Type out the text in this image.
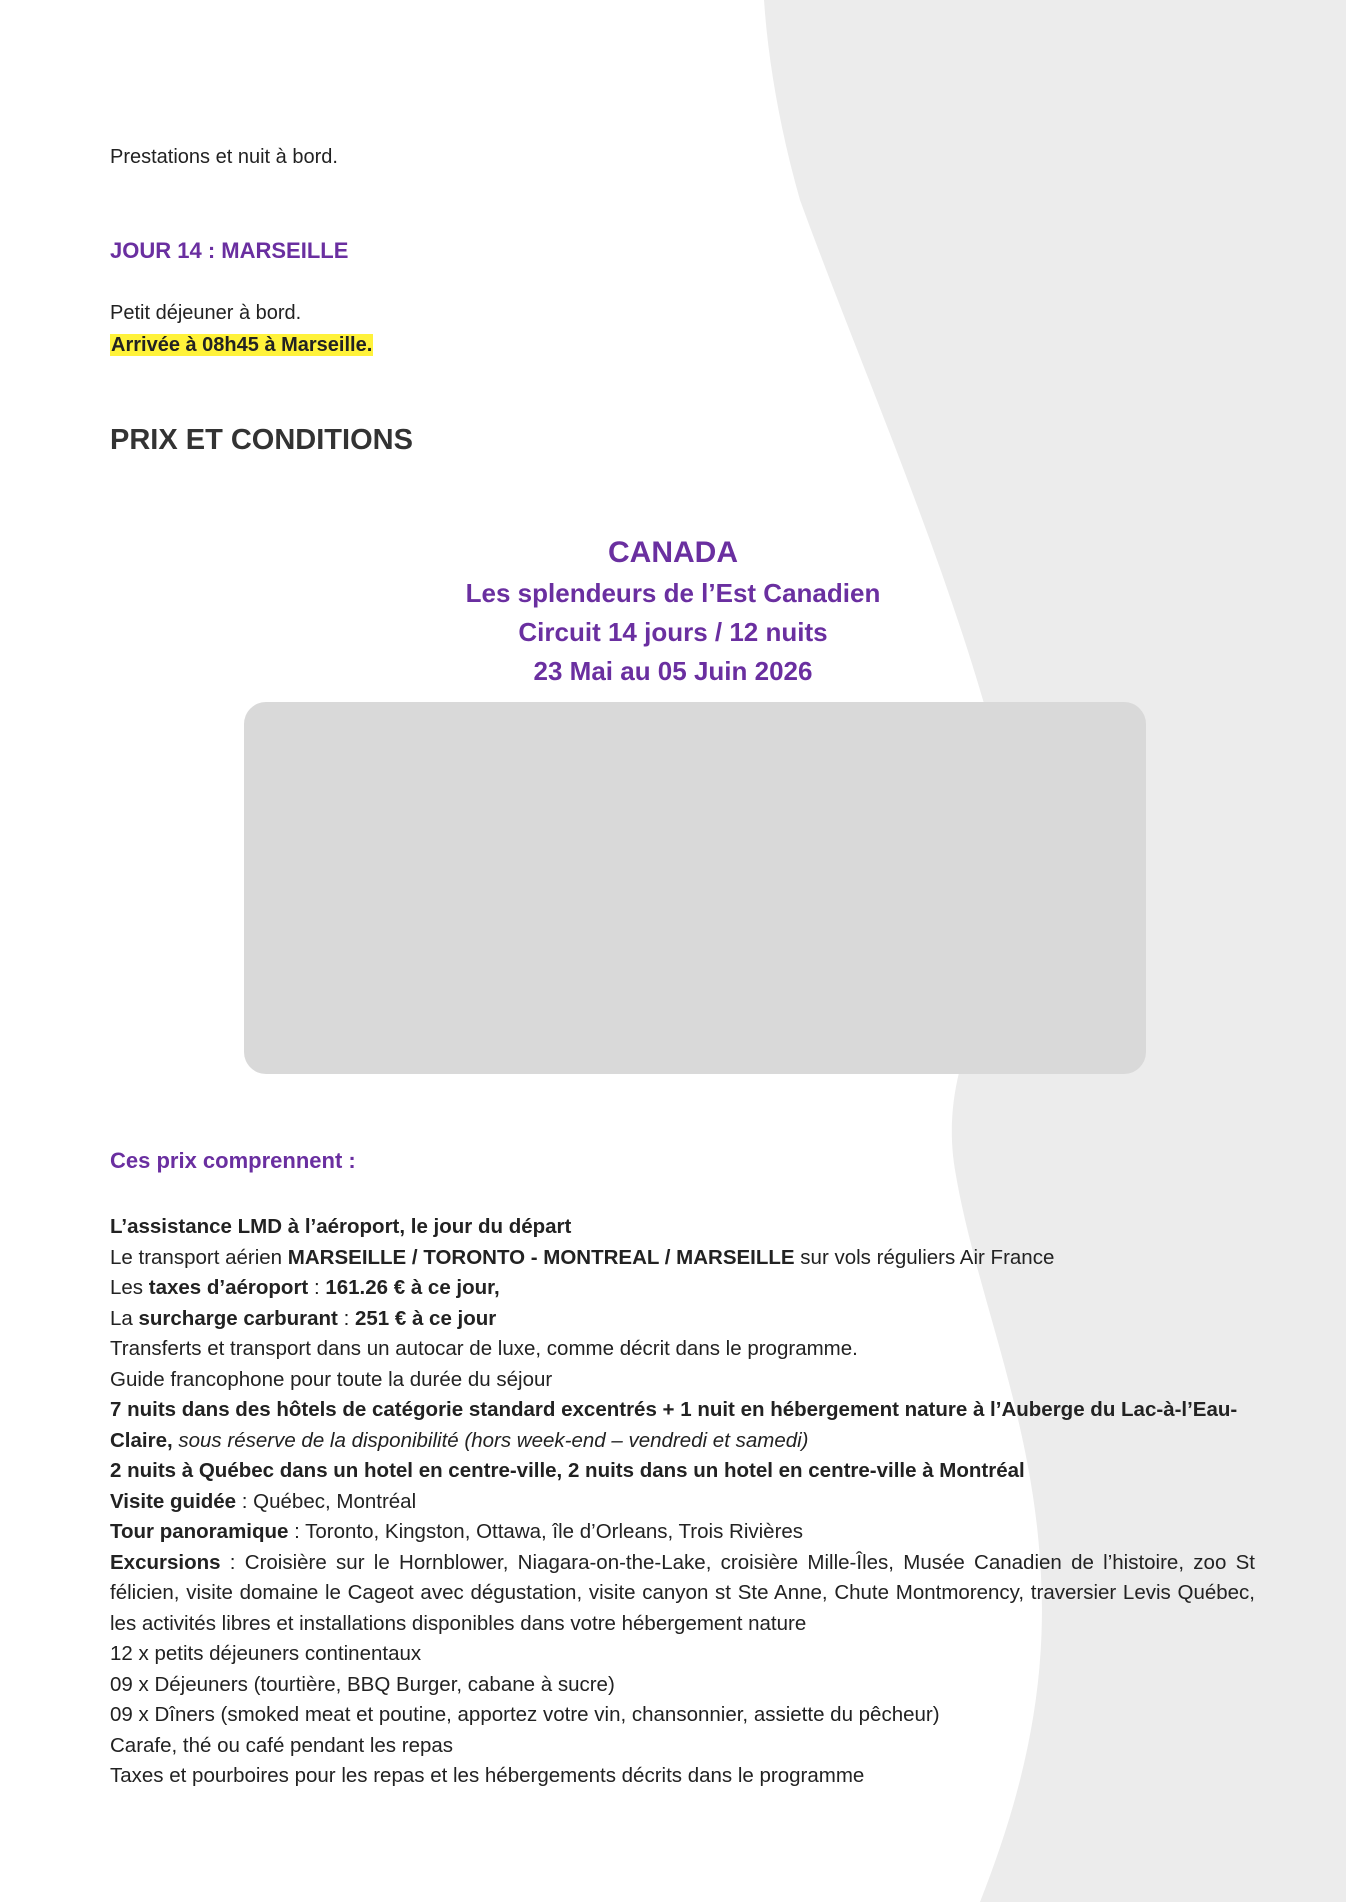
Prestations et nuit à bord.

JOUR 14 : MARSEILLE

Petit déjeuner à bord.

Arrivée à 08h45 à Marseille.

PRIX ET CONDITIONS

CANADA

Les splendeurs de l’Est Canadien

Circuit 14 jours / 12 nuits

23 Mai au 05 Juin 2026

Ces prix comprennent :

L’assistance LMD à l’aéroport, le jour du départ

Le transport aérien MARSEILLE / TORONTO - MONTREAL / MARSEILLE sur vols réguliers Air France

Les taxes d’aéroport : 161.26 € à ce jour,

La surcharge carburant : 251 € à ce jour

Transferts et transport dans un autocar de luxe, comme décrit dans le programme.

Guide francophone pour toute la durée du séjour

7 nuits dans des hôtels de catégorie standard excentrés + 1 nuit en hébergement nature à l’Auberge du Lac-à-l’Eau-Claire, sous réserve de la disponibilité (hors week-end – vendredi et samedi)

2 nuits à Québec dans un hotel en centre-ville, 2 nuits dans un hotel en centre-ville à Montréal

Visite guidée : Québec, Montréal

Tour panoramique : Toronto, Kingston, Ottawa, île d’Orleans, Trois Rivières

Excursions : Croisière sur le Hornblower, Niagara-on-the-Lake, croisière Mille-Îles, Musée Canadien de l’histoire, zoo St félicien, visite domaine le Cageot avec dégustation, visite canyon st Ste Anne, Chute Montmorency, traversier Levis Québec, les activités libres et installations disponibles dans votre hébergement nature

12 x petits déjeuners continentaux

09 x Déjeuners (tourtière, BBQ Burger, cabane à sucre)

09 x Dîners (smoked meat et poutine, apportez votre vin, chansonnier, assiette du pêcheur)

Carafe, thé ou café pendant les repas

Taxes et pourboires pour les repas et les hébergements décrits dans le programme
